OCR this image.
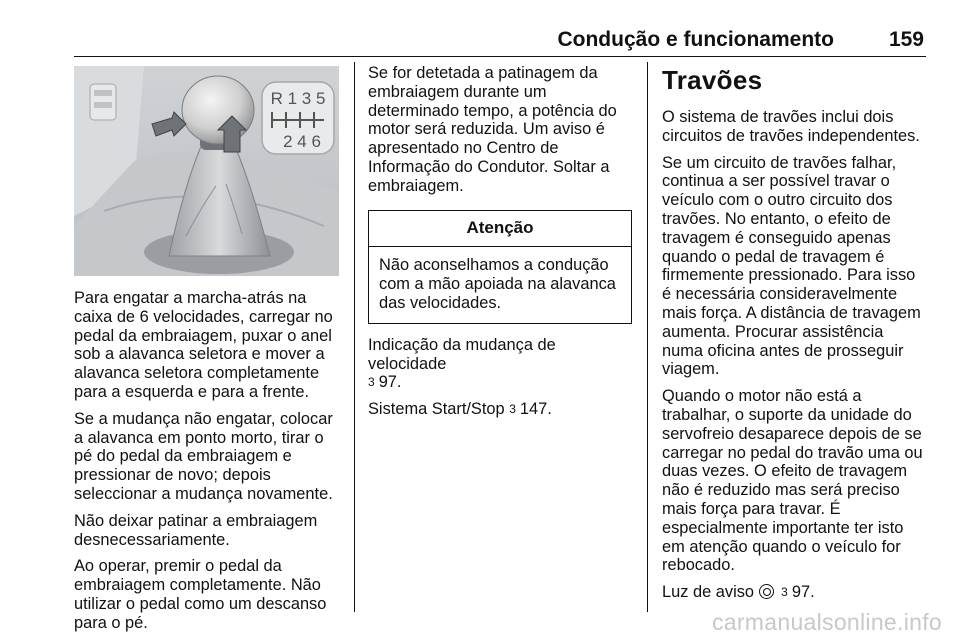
Condução e funcionamento	159
R 1 3 5
2 4 6

Para engatar a marcha-atrás na caixa de 6 velocidades, carregar no pedal da embraiagem, puxar o anel sob a alavanca seletora e mover a alavanca seletora completamente para a esquerda e para a frente.

Se a mudança não engatar, colocar a alavanca em ponto morto, tirar o pé do pedal da embraiagem e pressionar de novo; depois seleccionar a mudança novamente.

Não deixar patinar a embraiagem desnecessariamente.

Ao operar, premir o pedal da embraiagem completamente. Não utilizar o pedal como um descanso para o pé.

Se for detetada a patinagem da embraiagem durante um determinado tempo, a potência do motor será reduzida. Um aviso é apresentado no Centro de Informação do Condutor. Soltar a embraiagem.

Atenção
Não aconselhamos a condução com a mão apoiada na alavanca das velocidades.

Indicação da mudança de velocidade
3 97.

Sistema Start/Stop 3 147.

Travões

O sistema de travões inclui dois circuitos de travões independentes.

Se um circuito de travões falhar, continua a ser possível travar o veículo com o outro circuito dos travões. No entanto, o efeito de travagem é conseguido apenas quando o pedal de travagem é firmemente pressionado. Para isso é necessária consideravelmente mais força. A distância de travagem aumenta. Procurar assistência numa oficina antes de prosseguir viagem.

Quando o motor não está a trabalhar, o suporte da unidade do servofreio desaparece depois de se carregar no pedal do travão uma ou duas vezes. O efeito de travagem não é reduzido mas será preciso mais força para travar. É especialmente importante ter isto em atenção quando o veículo for rebocado.

Luz de aviso 3 97.

carmanualsonline.info
